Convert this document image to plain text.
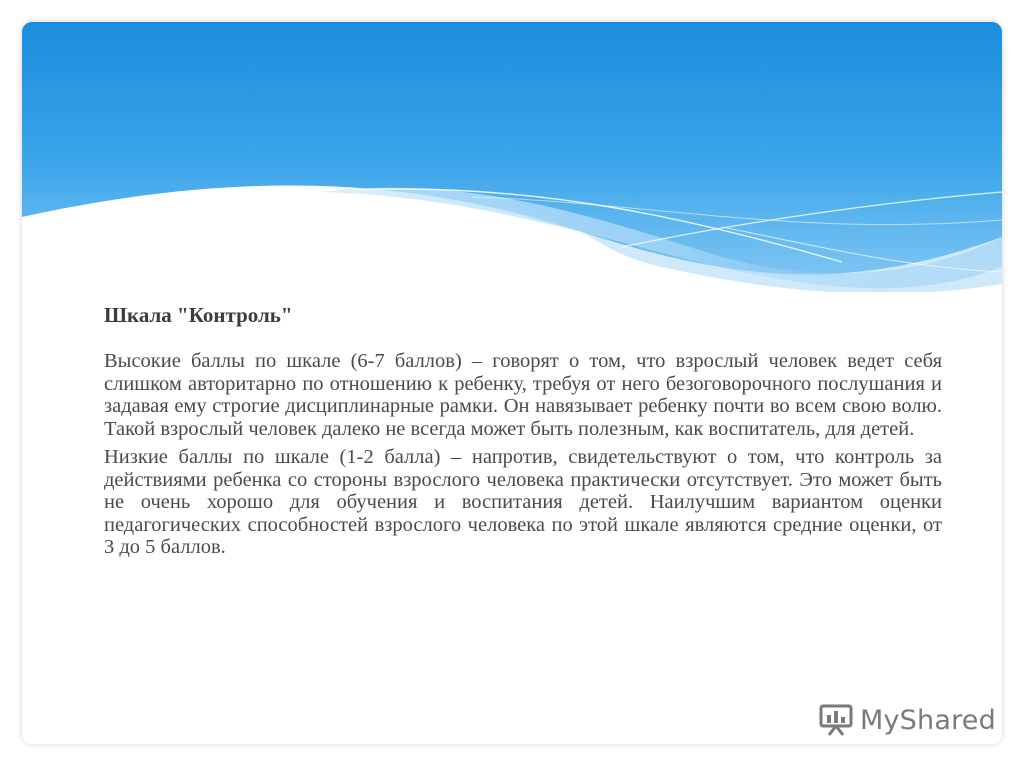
Шкала "Контроль"

Высокие баллы по шкале (6-7 баллов) – говорят о том, что взрослый человек ведет себя слишком авторитарно по отношению к ребенку, требуя от него безоговорочного послушания и задавая ему строгие дисциплинарные рамки. Он навязывает ребенку почти во всем свою волю. Такой взрослый человек далеко не всегда может быть полезным, как воспитатель, для детей.

Низкие баллы по шкале (1-2 балла) – напротив, свидетельствуют о том, что контроль за действиями ребенка со стороны взрослого человека практически отсутствует. Это может быть не очень хорошо для обучения и воспитания детей. Наилучшим вариантом оценки педагогических способностей взрослого человека по этой шкале являются средние оценки, от 3 до 5 баллов.

MyShared
